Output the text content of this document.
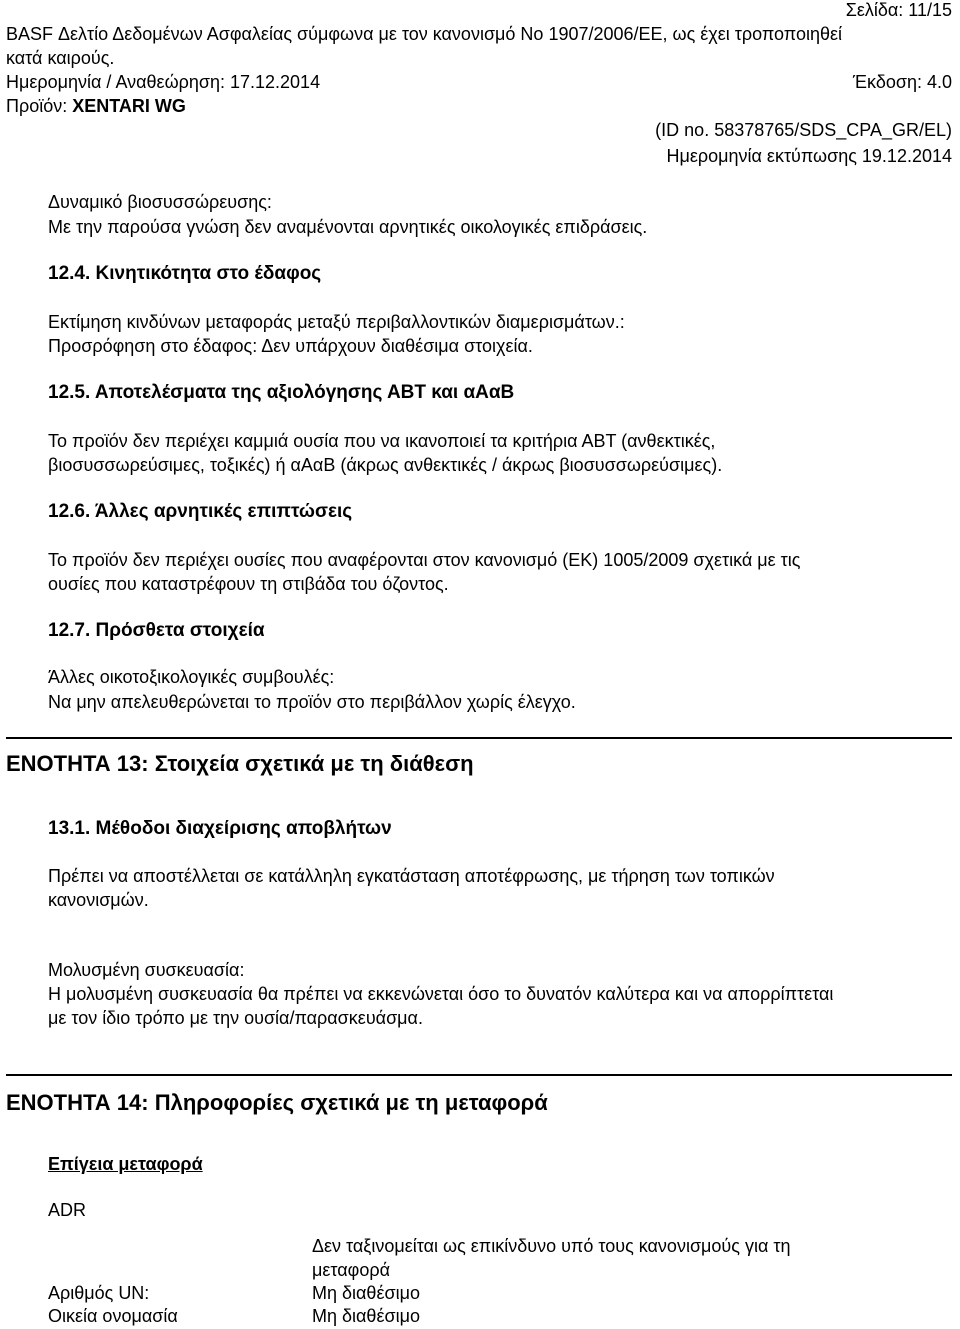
Σελίδα: 11/15
BASF Δελτίο Δεδομένων Ασφαλείας σύμφωνα με τον κανονισμό Νο 1907/2006/ΕΕ, ως έχει τροποποιηθεί
κατά καιρούς.
Ημερομηνία / Αναθεώρηση: 17.12.2014	Έκδοση: 4.0
Προϊόν: XENTARI WG
(ID no. 58378765/SDS_CPA_GR/EL)
Ημερομηνία εκτύπωσης 19.12.2014
Δυναμικό βιοσυσσώρευσης:
Με την παρούσα γνώση δεν αναμένονται αρνητικές οικολογικές επιδράσεις.
12.4. Κινητικότητα στο έδαφος
Εκτίμηση κινδύνων μεταφοράς μεταξύ περιβαλλοντικών διαμερισμάτων.:
Προσρόφηση στο έδαφος: Δεν υπάρχουν διαθέσιμα στοιχεία.
12.5. Αποτελέσματα της αξιολόγησης ΑΒΤ και αΑαΒ
Το προϊόν δεν περιέχει καμμιά ουσία που να ικανοποιεί τα κριτήρια ΑΒΤ (ανθεκτικές,
βιοσυσσωρεύσιμες, τοξικές) ή αΑαΒ (άκρως ανθεκτικές / άκρως βιοσυσσωρεύσιμες).
12.6. Άλλες αρνητικές επιπτώσεις
Το προϊόν δεν περιέχει ουσίες που αναφέρονται στον κανονισμό (ΕΚ) 1005/2009 σχετικά με τις
ουσίες που καταστρέφουν τη στιβάδα του όζοντος.
12.7. Πρόσθετα στοιχεία
Άλλες οικοτοξικολογικές συμβουλές:
Να μην απελευθερώνεται το προϊόν στο περιβάλλον χωρίς έλεγχο.
ΕΝΟΤΗΤΑ 13: Στοιχεία σχετικά με τη διάθεση
13.1. Μέθοδοι διαχείρισης αποβλήτων
Πρέπει να αποστέλλεται σε κατάλληλη εγκατάσταση αποτέφρωσης, με τήρηση των τοπικών
κανονισμών.
Μολυσμένη συσκευασία:
Η μολυσμένη συσκευασία θα πρέπει να εκκενώνεται όσο το δυνατόν καλύτερα και να απορρίπτεται
με τον ίδιο τρόπο με την ουσία/παρασκευάσμα.
ΕΝΟΤΗΤΑ 14: Πληροφορίες σχετικά με τη μεταφορά
Επίγεια μεταφορά
ADR
Δεν ταξινομείται ως επικίνδυνο υπό τους κανονισμούς για τη
μεταφορά
Αριθμός UN:	Μη διαθέσιμο
Οικεία ονομασία	Μη διαθέσιμο
